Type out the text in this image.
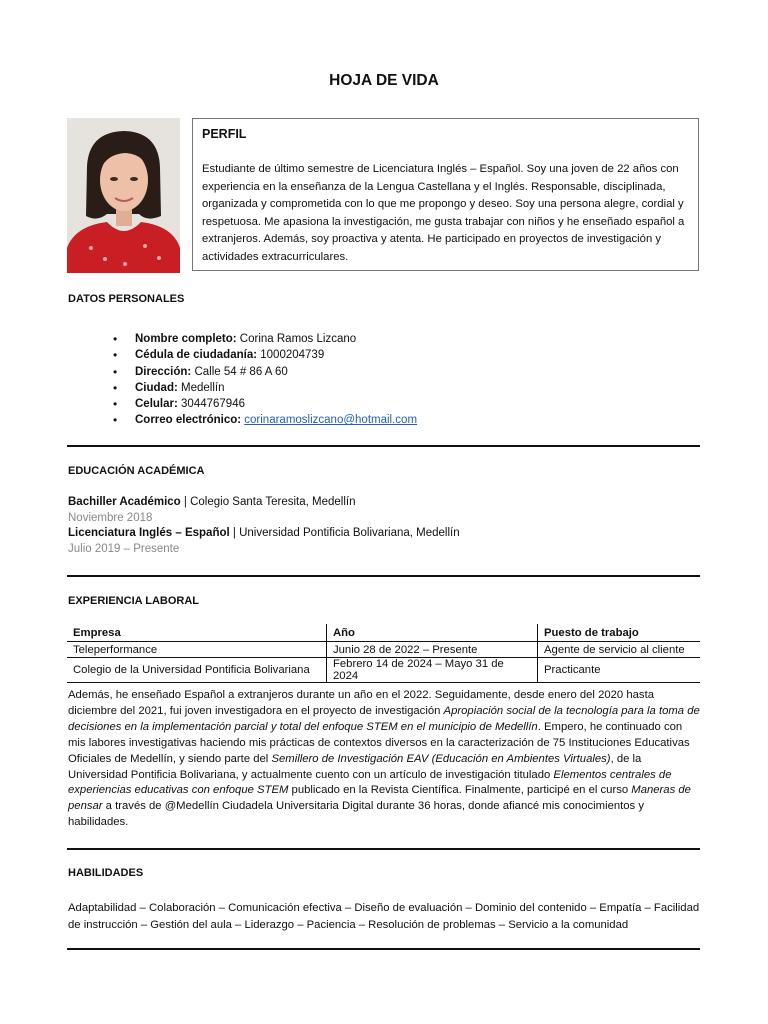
HOJA DE VIDA
PERFIL
Estudiante de último semestre de Licenciatura Inglés – Español. Soy una joven de 22 años con experiencia en la enseñanza de la Lengua Castellana y el Inglés. Responsable, disciplinada, organizada y comprometida con lo que me propongo y deseo. Soy una persona alegre, cordial y respetuosa. Me apasiona la investigación, me gusta trabajar con niños y he enseñado español a extranjeros. Además, soy proactiva y atenta. He participado en proyectos de investigación y actividades extracurriculares.
DATOS PERSONALES
• Nombre completo: Corina Ramos Lizcano
• Cédula de ciudadanía: 1000204739
• Dirección: Calle 54 # 86 A 60
• Ciudad: Medellín
• Celular: 3044767946
• Correo electrónico: corinaramoslizcano@hotmail.com
EDUCACIÓN ACADÉMICA
Bachiller Académico | Colegio Santa Teresita, Medellín
Noviembre 2018
Licenciatura Inglés – Español | Universidad Pontificia Bolivariana, Medellín
Julio 2019 – Presente
EXPERIENCIA LABORAL
Empresa	Año	Puesto de trabajo
Teleperformance	Junio 28 de 2022 – Presente	Agente de servicio al cliente
Colegio de la Universidad Pontificia Bolivariana	Febrero 14 de 2024 – Mayo 31 de 2024	Practicante
Además, he enseñado Español a extranjeros durante un año en el 2022. Seguidamente, desde enero del 2020 hasta diciembre del 2021, fui joven investigadora en el proyecto de investigación Apropiación social de la tecnología para la toma de decisiones en la implementación parcial y total del enfoque STEM en el municipio de Medellín. Empero, he continuado con mis labores investigativas haciendo mis prácticas de contextos diversos en la caracterización de 75 Instituciones Educativas Oficiales de Medellín, y siendo parte del Semillero de Investigación EAV (Educación en Ambientes Virtuales), de la Universidad Pontificia Bolivariana, y actualmente cuento con un artículo de investigación titulado Elementos centrales de experiencias educativas con enfoque STEM publicado en la Revista Científica. Finalmente, participé en el curso Maneras de pensar a través de @Medellín Ciudadela Universitaria Digital durante 36 horas, donde afiancé mis conocimientos y habilidades.
HABILIDADES
Adaptabilidad – Colaboración – Comunicación efectiva – Diseño de evaluación – Dominio del contenido – Empatía – Facilidad de instrucción – Gestión del aula – Liderazgo – Paciencia – Resolución de problemas – Servicio a la comunidad
